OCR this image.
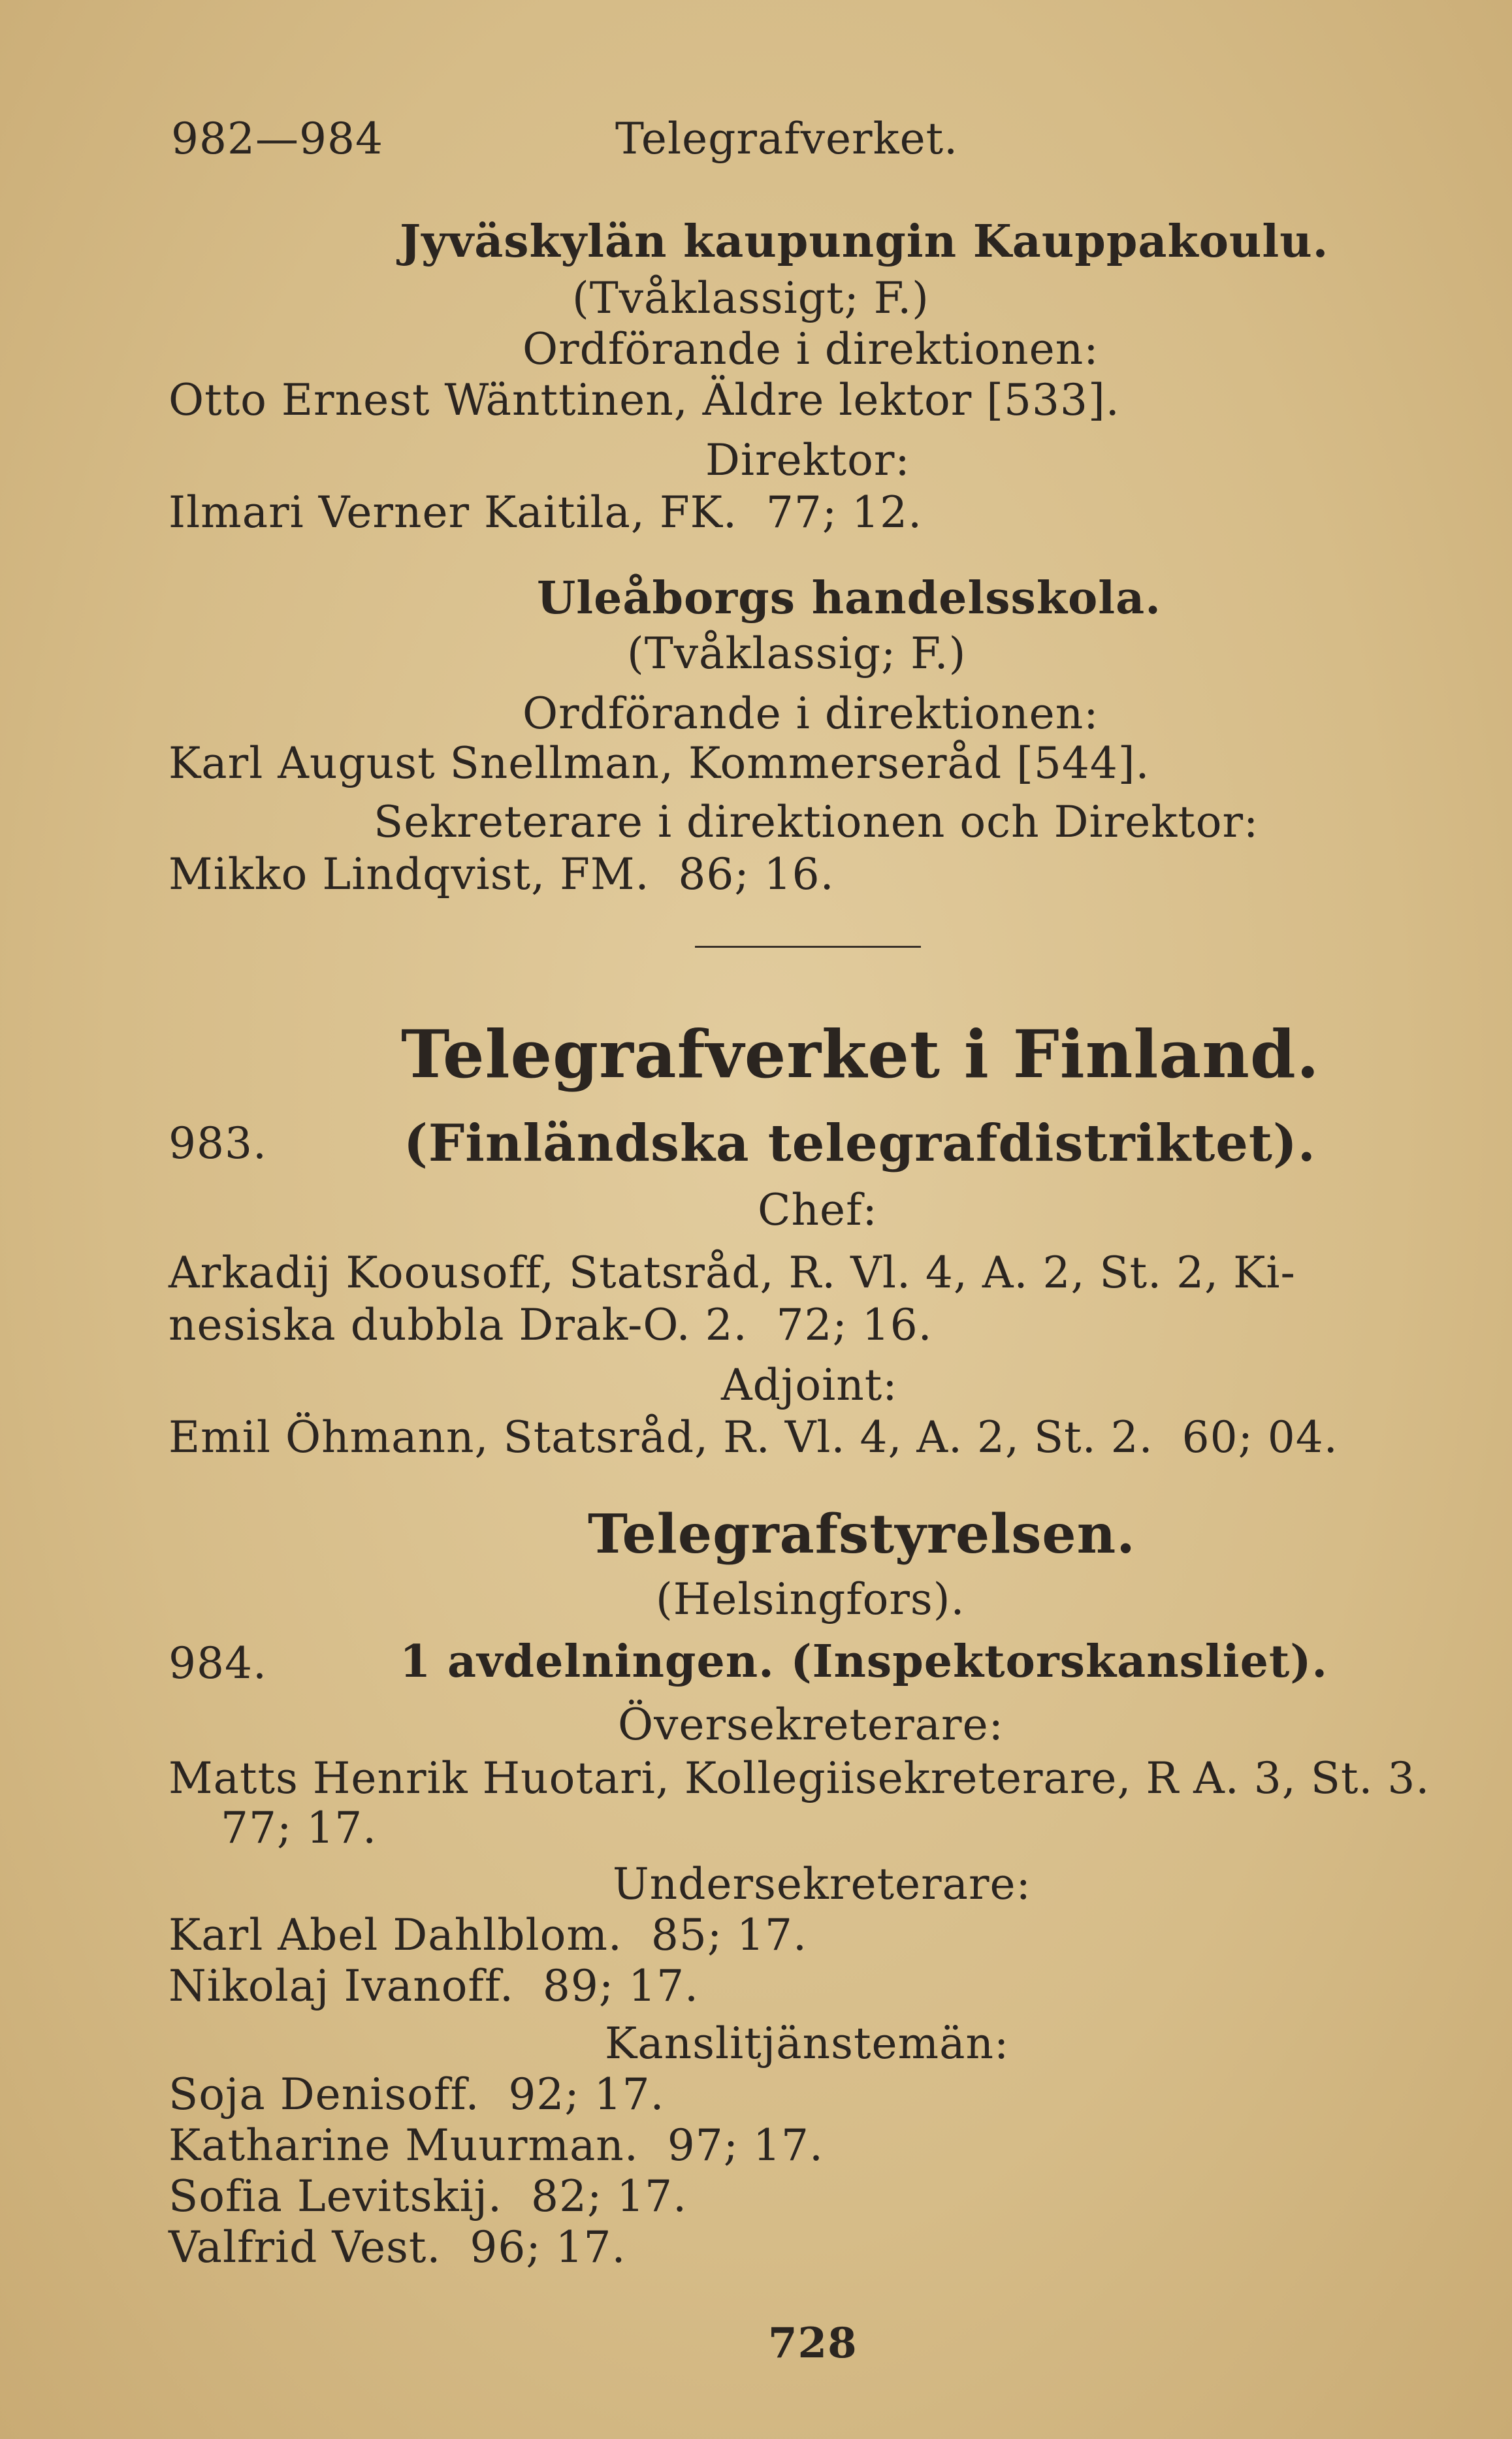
982—984	Telegrafverket.
Jyväskylän kaupungin Kauppakoulu.
(Tvåklassigt; F.)
Ordförande i direktionen:
Otto Ernest Wänttinen, Äldre lektor [533].
Direktor:
Ilmari Verner Kaitila, FK.  77; 12.
Uleåborgs handelsskola.
(Tvåklassig; F.)
Ordförande i direktionen:
Karl August Snellman, Kommerseråd [544].
Sekreterare i direktionen och Direktor:
Mikko Lindqvist, FM.  86; 16.
Telegrafverket i Finland.
983.	(Finländska telegrafdistriktet).
Chef:
Arkadij Koousoff, Statsråd, R. Vl. 4, A. 2, St. 2, Ki-
nesiska dubbla Drak-O. 2.  72; 16.
Adjoint:
Emil Öhmann, Statsråd, R. Vl. 4, A. 2, St. 2.  60; 04.
Telegrafstyrelsen.
(Helsingfors).
984.	1 avdelningen. (Inspektorskansliet).
Översekreterare:
Matts Henrik Huotari, Kollegiisekreterare, R A. 3, St. 3.
77; 17.
Undersekreterare:
Karl Abel Dahlblom.  85; 17.
Nikolaj Ivanoff.  89; 17.
Kanslitjänstemän:
Soja Denisoff.  92; 17.
Katharine Muurman.  97; 17.
Sofia Levitskij.  82; 17.
Valfrid Vest.  96; 17.
728
